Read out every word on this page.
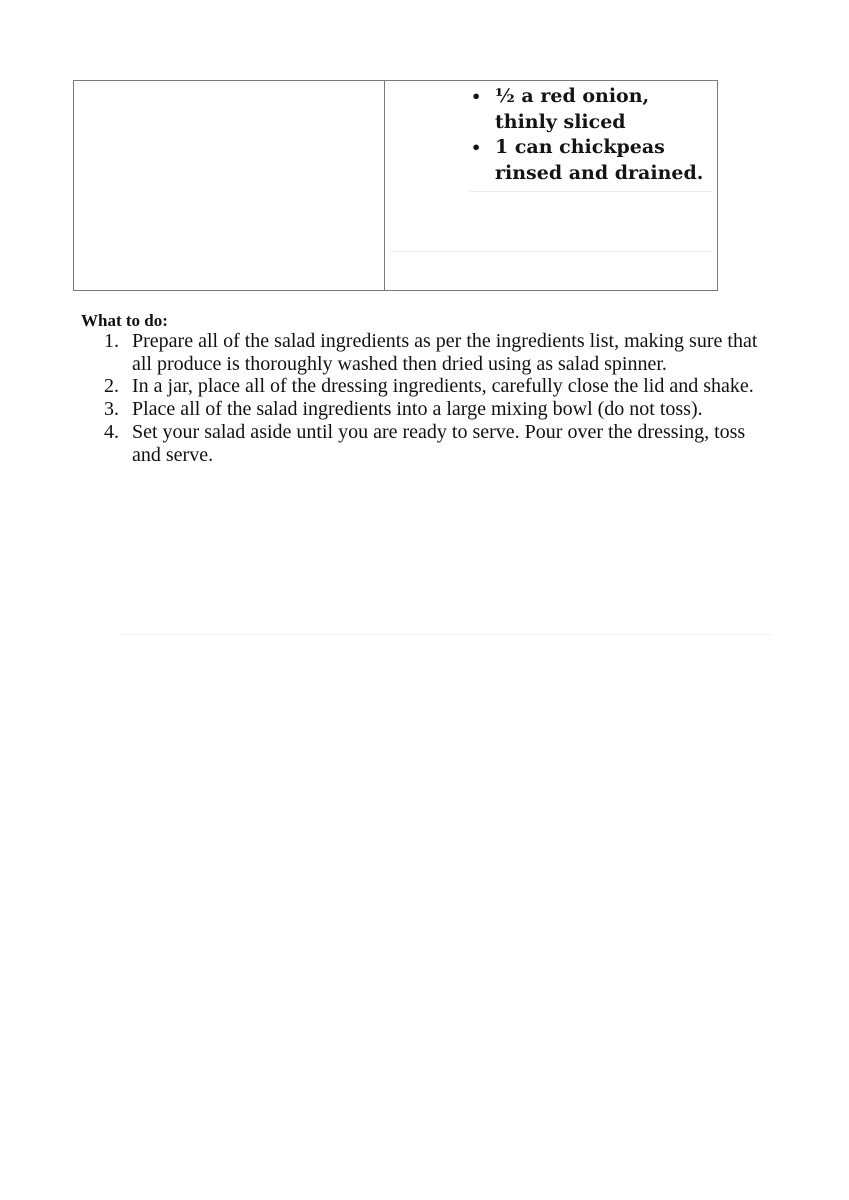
• ½ a red onion, thinly sliced
• 1 can chickpeas rinsed and drained.
What to do:
1. Prepare all of the salad ingredients as per the ingredients list, making sure that all produce is thoroughly washed then dried using as salad spinner.
2. In a jar, place all of the dressing ingredients, carefully close the lid and shake.
3. Place all of the salad ingredients into a large mixing bowl (do not toss).
4. Set your salad aside until you are ready to serve. Pour over the dressing, toss and serve.
